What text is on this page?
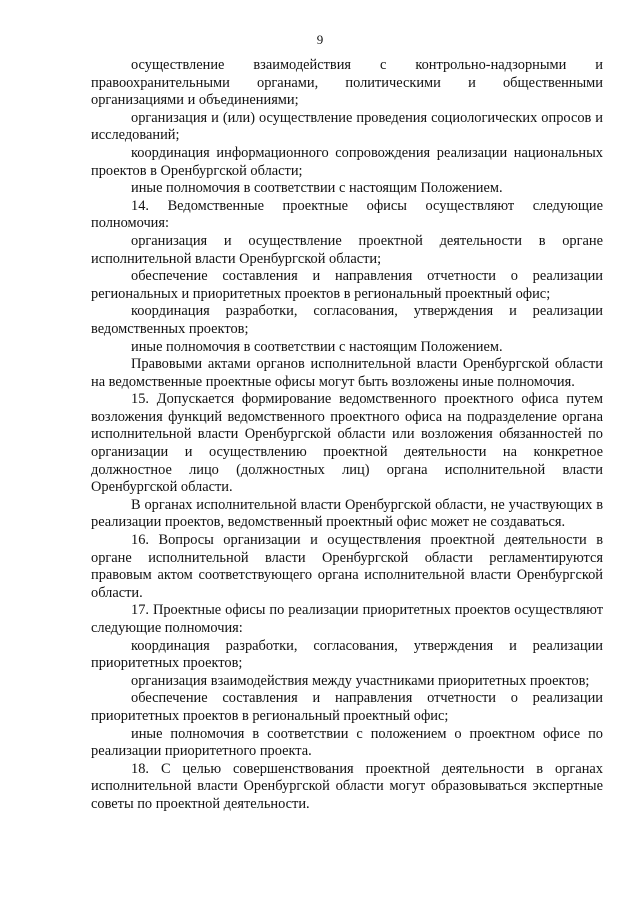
9

осуществление взаимодействия с контрольно-надзорными и правоохранительными органами, политическими и общественными организациями и объединениями;

организация и (или) осуществление проведения социологических опросов и исследований;

координация информационного сопровождения реализации национальных проектов в Оренбургской области;

иные полномочия в соответствии с настоящим Положением.

14. Ведомственные проектные офисы осуществляют следующие полномочия:

организация и осуществление проектной деятельности в органе исполнительной власти Оренбургской области;

обеспечение составления и направления отчетности о реализации региональных и приоритетных проектов в региональный проектный офис;

координация разработки, согласования, утверждения и реализации ведомственных проектов;

иные полномочия в соответствии с настоящим Положением.

Правовыми актами органов исполнительной власти Оренбургской области на ведомственные проектные офисы могут быть возложены иные полномочия.

15. Допускается формирование ведомственного проектного офиса путем возложения функций ведомственного проектного офиса на подразделение органа исполнительной власти Оренбургской области или возложения обязанностей по организации и осуществлению проектной деятельности на конкретное должностное лицо (должностных лиц) органа исполнительной власти Оренбургской области.

В органах исполнительной власти Оренбургской области, не участвующих в реализации проектов, ведомственный проектный офис может не создаваться.

16. Вопросы организации и осуществления проектной деятельности в органе исполнительной власти Оренбургской области регламентируются правовым актом соответствующего органа исполнительной власти Оренбургской области.

17. Проектные офисы по реализации приоритетных проектов осуществляют следующие полномочия:

координация разработки, согласования, утверждения и реализации приоритетных проектов;

организация взаимодействия между участниками приоритетных проектов;

обеспечение составления и направления отчетности о реализации приоритетных проектов в региональный проектный офис;

иные полномочия в соответствии с положением о проектном офисе по реализации приоритетного проекта.

18. С целью совершенствования проектной деятельности в органах исполнительной власти Оренбургской области могут образовываться экспертные советы по проектной деятельности.
